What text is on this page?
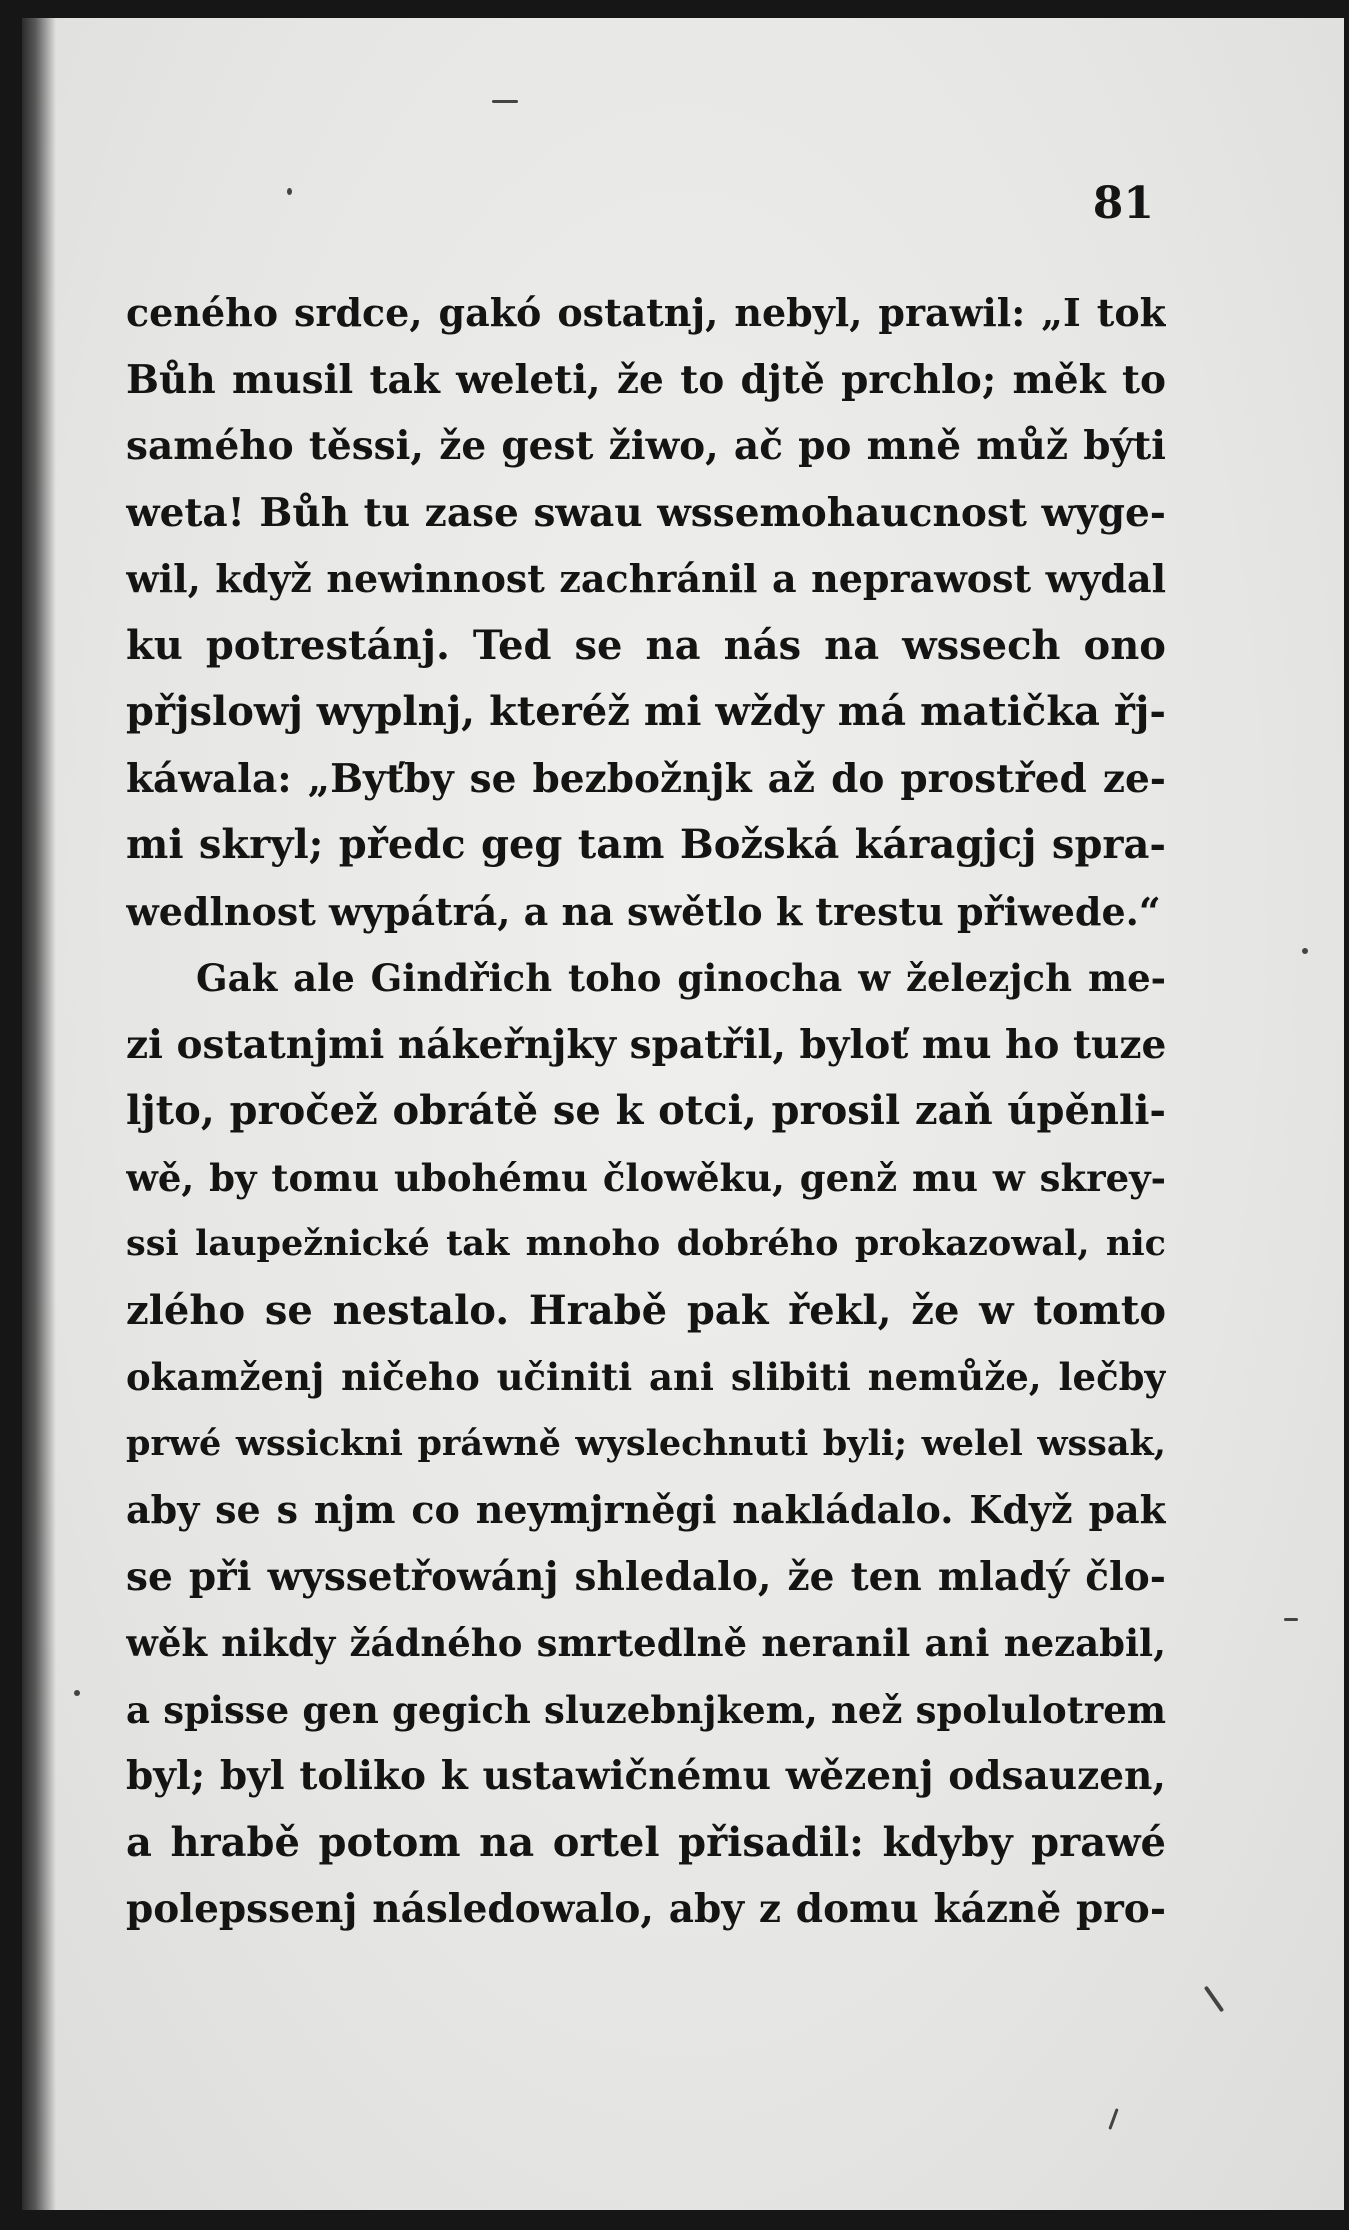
81
ceného srdce, gakó ostatnj, nebyl, prawil: „I tok
Bůh musil tak weleti, že to djtě prchlo; měk to
samého těssi, že gest žiwo, ač po mně můž býti
weta! Bůh tu zase swau wssemohaucnost wyge-
wil, když newinnost zachránil a neprawost wydal
ku potrestánj. Ted se na nás na wssech ono
přjslowj wyplnj, kteréž mi wždy má matička řj-
káwala: „Byťby se bezbožnjk až do prostřed ze-
mi skryl; předc geg tam Božská káragjcj spra-
wedlnost wypátrá, a na swětlo k trestu přiwede.“
Gak ale Gindřich toho ginocha w železjch me-
zi ostatnjmi nákeřnjky spatřil, byloť mu ho tuze
ljto, pročež obrátě se k otci, prosil zaň úpěnli-
wě, by tomu ubohému člowěku, genž mu w skrey-
ssi laupežnické tak mnoho dobrého prokazowal, nic
zlého se nestalo. Hrabě pak řekl, že w tomto
okamženj ničeho učiniti ani slibiti nemůže, lečby
prwé wssickni práwně wyslechnuti byli; welel wssak,
aby se s njm co neymjrněgi nakládalo. Když pak
se při wyssetřowánj shledalo, že ten mladý člo-
wěk nikdy žádného smrtedlně neranil ani nezabil,
a spisse gen gegich sluzebnjkem, než spolulotrem
byl; byl toliko k ustawičnému wězenj odsauzen,
a hrabě potom na ortel přisadil: kdyby prawé
polepssenj následowalo, aby z domu kázně pro-
